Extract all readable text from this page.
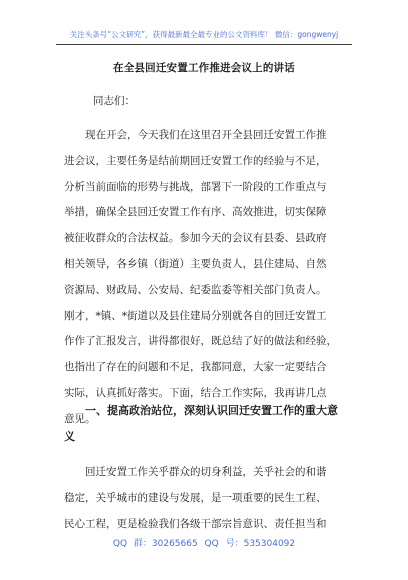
关注头条号“公文研究”，获得最新最全最专业的公文资料库！ 微信：gongwenyj
在全县回迁安置工作推进会议上的讲话
同志们：
现在开会，今天我们在这里召开全县回迁安置工作推
进会议，主要任务是结前期回迁安置工作的经验与不足，
分析当前面临的形势与挑战，部署下一阶段的工作重点与
举措，确保全县回迁安置工作有序、高效推进，切实保障
被征收群众的合法权益。参加今天的会议有县委、县政府
相关领导，各乡镇（街道）主要负责人，县住建局、自然
资源局、财政局、公安局、纪委监委等相关部门负责人。
刚才，*镇、*街道以及县住建局分别就各自的回迁安置工
作作了汇报发言，讲得都很好，既总结了好的做法和经验，
也指出了存在的问题和不足，我都同意，大家一定要结合
实际，认真抓好落实。下面，结合工作实际，我再讲几点
意见。
一、提高政治站位，深刻认识回迁安置工作的重大意
义
回迁安置工作关乎群众的切身利益，关乎社会的和谐
稳定，关乎城市的建设与发展，是一项重要的民生工程、
民心工程，更是检验我们各级干部宗旨意识、责任担当和
QQ 群：30265665 QQ 号：535304092
